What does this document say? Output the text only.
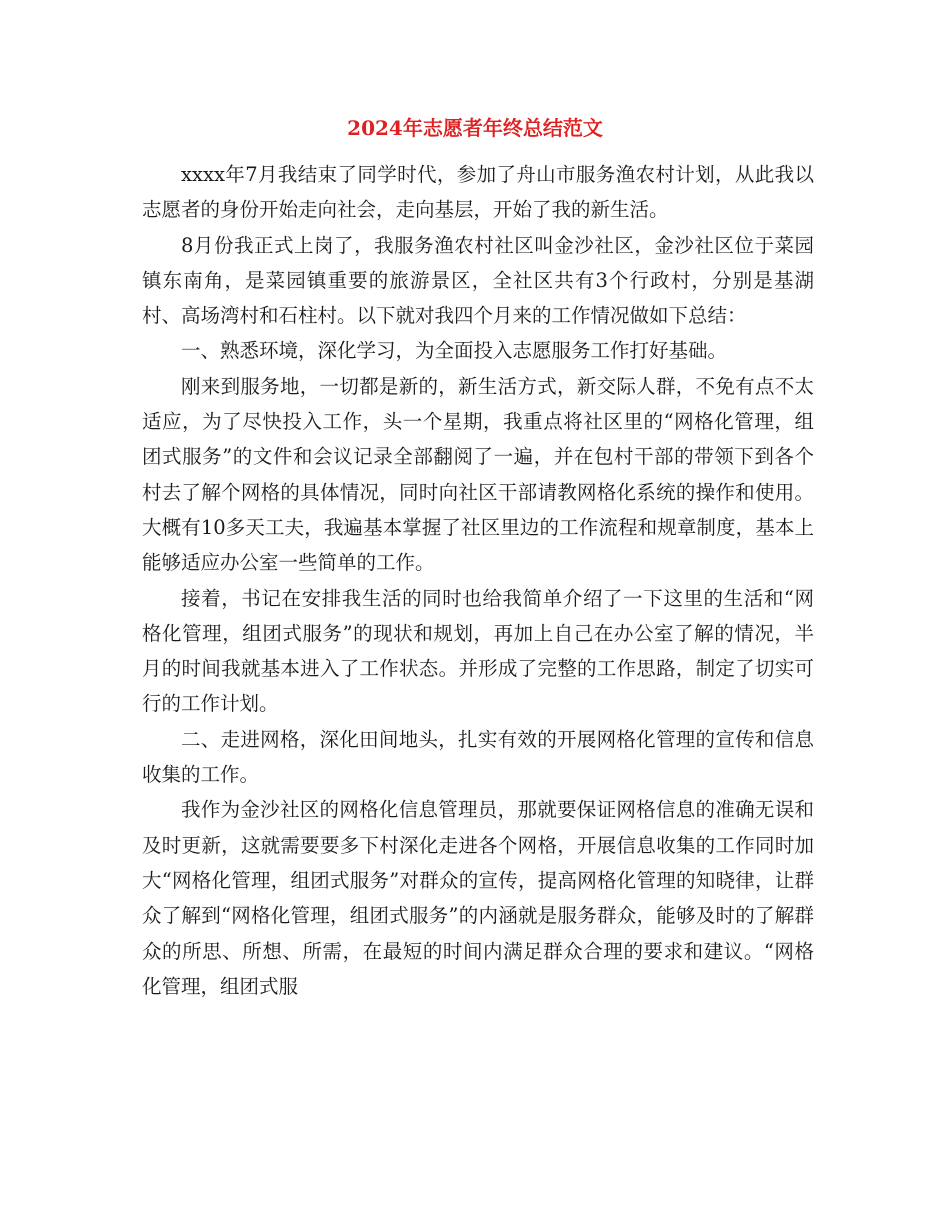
2024年志愿者年终总结范文

xxxx年7月我结束了同学时代，参加了舟山市服务渔农村计划，从此我以志愿者的身份开始走向社会，走向基层，开始了我的新生活。

8月份我正式上岗了，我服务渔农村社区叫金沙社区，金沙社区位于菜园镇东南角，是菜园镇重要的旅游景区，全社区共有3个行政村，分别是基湖村、高场湾村和石柱村。以下就对我四个月来的工作情况做如下总结：

一、熟悉环境，深化学习，为全面投入志愿服务工作打好基础。

刚来到服务地，一切都是新的，新生活方式，新交际人群，不免有点不太适应，为了尽快投入工作，头一个星期，我重点将社区里的“网格化管理，组团式服务”的文件和会议记录全部翻阅了一遍，并在包村干部的带领下到各个村去了解个网格的具体情况，同时向社区干部请教网格化系统的操作和使用。大概有10多天工夫，我遍基本掌握了社区里边的工作流程和规章制度，基本上能够适应办公室一些简单的工作。

接着，书记在安排我生活的同时也给我简单介绍了一下这里的生活和“网格化管理，组团式服务”的现状和规划，再加上自己在办公室了解的情况，半月的时间我就基本进入了工作状态。并形成了完整的工作思路，制定了切实可行的工作计划。

二、走进网格，深化田间地头，扎实有效的开展网格化管理的宣传和信息收集的工作。

我作为金沙社区的网格化信息管理员，那就要保证网格信息的准确无误和及时更新，这就需要要多下村深化走进各个网格，开展信息收集的工作同时加大“网格化管理，组团式服务”对群众的宣传，提高网格化管理的知晓律，让群众了解到“网格化管理，组团式服务”的内涵就是服务群众，能够及时的了解群众的所思、所想、所需，在最短的时间内满足群众合理的要求和建议。“网格化管理，组团式服
